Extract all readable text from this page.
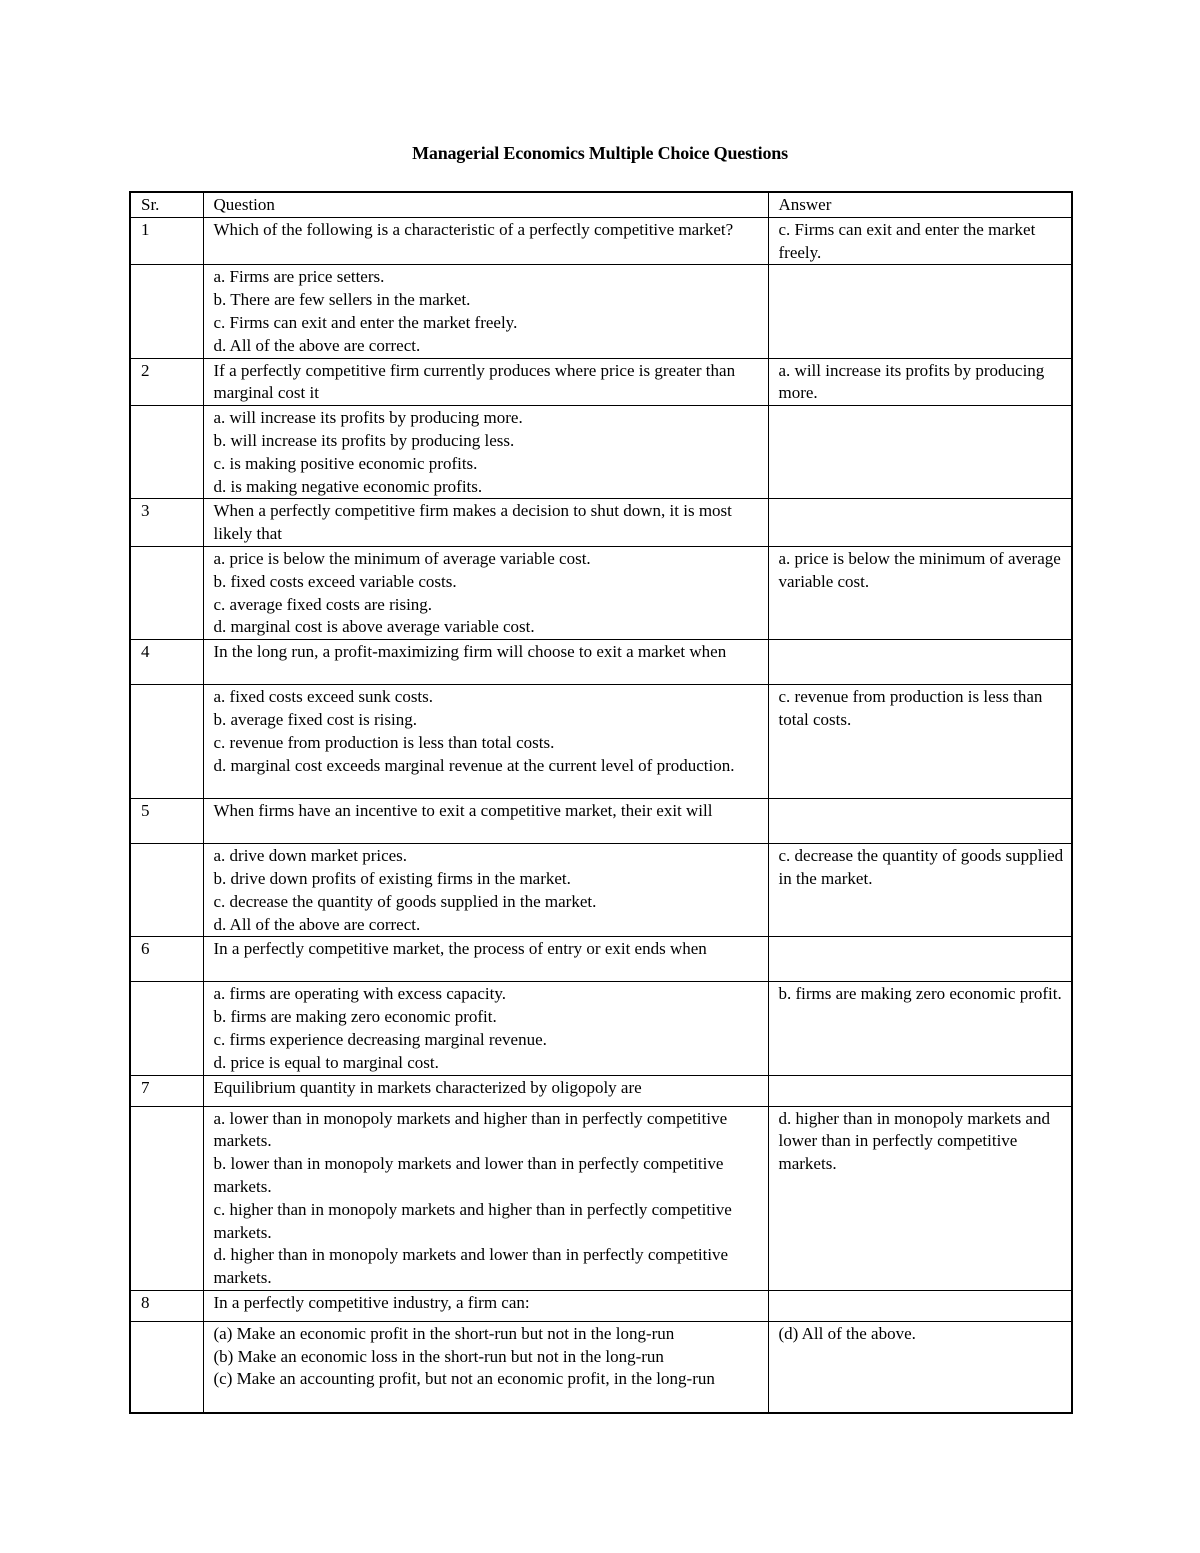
Managerial Economics Multiple Choice Questions
Sr.	Question	Answer
1	Which of the following is a characteristic of a perfectly competitive market?	c. Firms can exit and enter the market freely.

	a. Firms are price setters.
b. There are few sellers in the market.
c. Firms can exit and enter the market freely.
d. All of the above are correct.	

2	If a perfectly competitive firm currently produces where price is greater than marginal cost it	a. will increase its profits by producing more.

	a. will increase its profits by producing more.
b. will increase its profits by producing less.
c. is making positive economic profits.
d. is making negative economic profits.	

3	When a perfectly competitive firm makes a decision to shut down, it is most likely that	

	a. price is below the minimum of average variable cost.
b. fixed costs exceed variable costs.
c. average fixed costs are rising.
d. marginal cost is above average variable cost.	a. price is below the minimum of average variable cost.
4	In the long run, a profit-maximizing firm will choose to exit a market when	

	a. fixed costs exceed sunk costs.
b. average fixed cost is rising.
c. revenue from production is less than total costs.
d. marginal cost exceeds marginal revenue at the current level of production.	c. revenue from production is less than total costs.
5	When firms have an incentive to exit a competitive market, their exit will	

	a. drive down market prices.
b. drive down profits of existing firms in the market.
c. decrease the quantity of goods supplied in the market.
d. All of the above are correct.	c. decrease the quantity of goods supplied in the market.
6	In a perfectly competitive market, the process of entry or exit ends when	

	a. firms are operating with excess capacity.
b. firms are making zero economic profit.
c. firms experience decreasing marginal revenue.
d. price is equal to marginal cost.	b. firms are making zero economic profit.
7	Equilibrium quantity in markets characterized by oligopoly are	

	a. lower than in monopoly markets and higher than in perfectly competitive markets.
b. lower than in monopoly markets and lower than in perfectly competitive markets.
c. higher than in monopoly markets and higher than in perfectly competitive markets.
d. higher than in monopoly markets and lower than in perfectly competitive markets.	d. higher than in monopoly markets and lower than in perfectly competitive markets.
8	In a perfectly competitive industry, a firm can:	

	(a) Make an economic profit in the short-run but not in the long-run
(b) Make an economic loss in the short-run but not in the long-run
(c) Make an accounting profit, but not an economic profit, in the long-run	(d) All of the above.
